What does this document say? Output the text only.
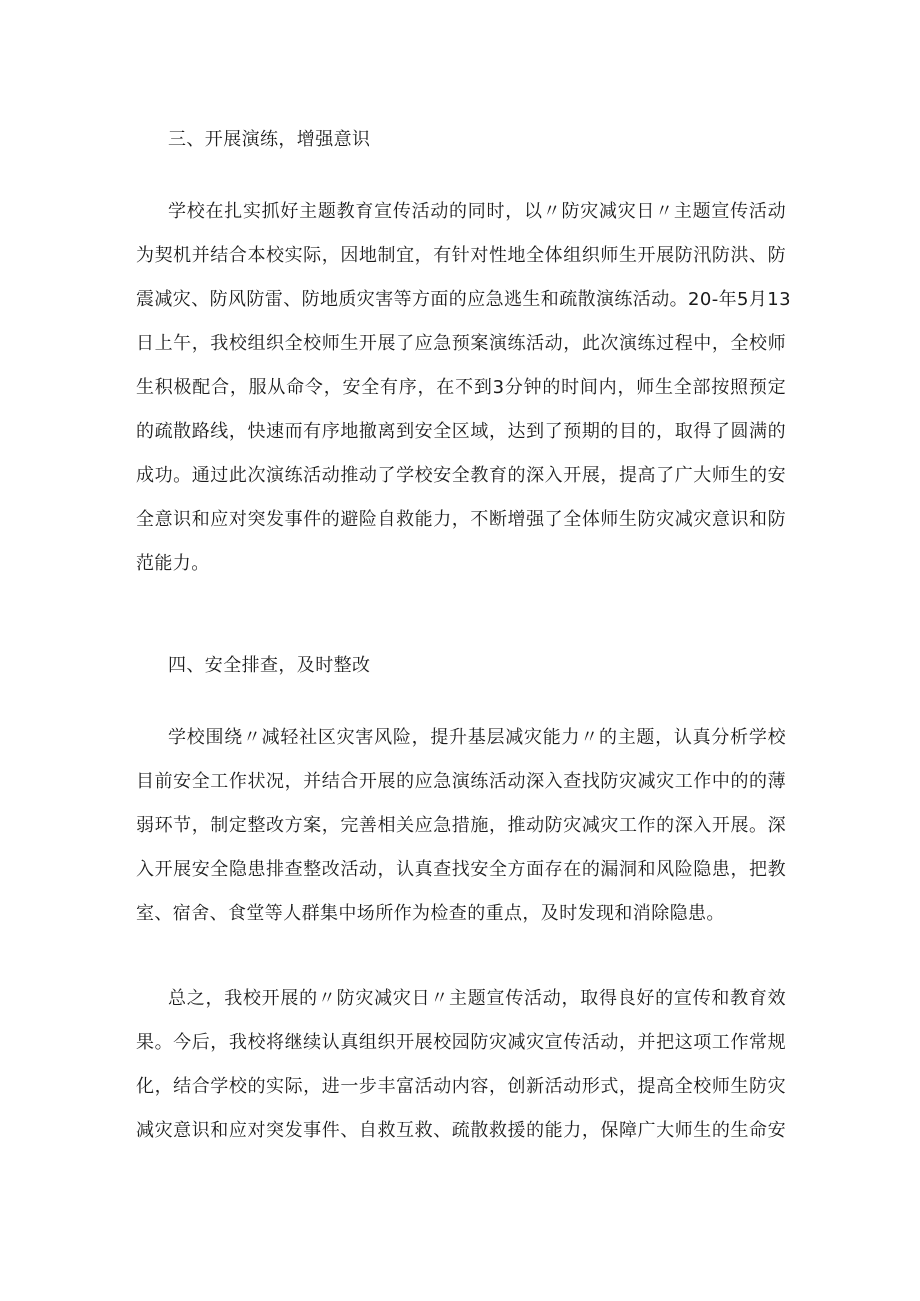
三、开展演练，增强意识
学校在扎实抓好主题教育宣传活动的同时，以〃防灾减灾日〃主题宣传活动
为契机并结合本校实际，因地制宜，有针对性地全体组织师生开展防汛防洪、防
震减灾、防风防雷、防地质灾害等方面的应急逃生和疏散演练活动。20-年5月13
日上午，我校组织全校师生开展了应急预案演练活动，此次演练过程中，全校师
生积极配合，服从命令，安全有序，在不到3分钟的时间内，师生全部按照预定
的疏散路线，快速而有序地撤离到安全区域，达到了预期的目的，取得了圆满的
成功。通过此次演练活动推动了学校安全教育的深入开展，提高了广大师生的安
全意识和应对突发事件的避险自救能力，不断增强了全体师生防灾减灾意识和防
范能力。
四、安全排查，及时整改
学校围绕〃减轻社区灾害风险，提升基层减灾能力〃的主题，认真分析学校
目前安全工作状况，并结合开展的应急演练活动深入查找防灾减灾工作中的的薄
弱环节，制定整改方案，完善相关应急措施，推动防灾减灾工作的深入开展。深
入开展安全隐患排查整改活动，认真查找安全方面存在的漏洞和风险隐患，把教
室、宿舍、食堂等人群集中场所作为检查的重点，及时发现和消除隐患。
总之，我校开展的〃防灾减灾日〃主题宣传活动，取得良好的宣传和教育效
果。今后，我校将继续认真组织开展校园防灾减灾宣传活动，并把这项工作常规
化，结合学校的实际，进一步丰富活动内容，创新活动形式，提高全校师生防灾
减灾意识和应对突发事件、自救互救、疏散救援的能力，保障广大师生的生命安
